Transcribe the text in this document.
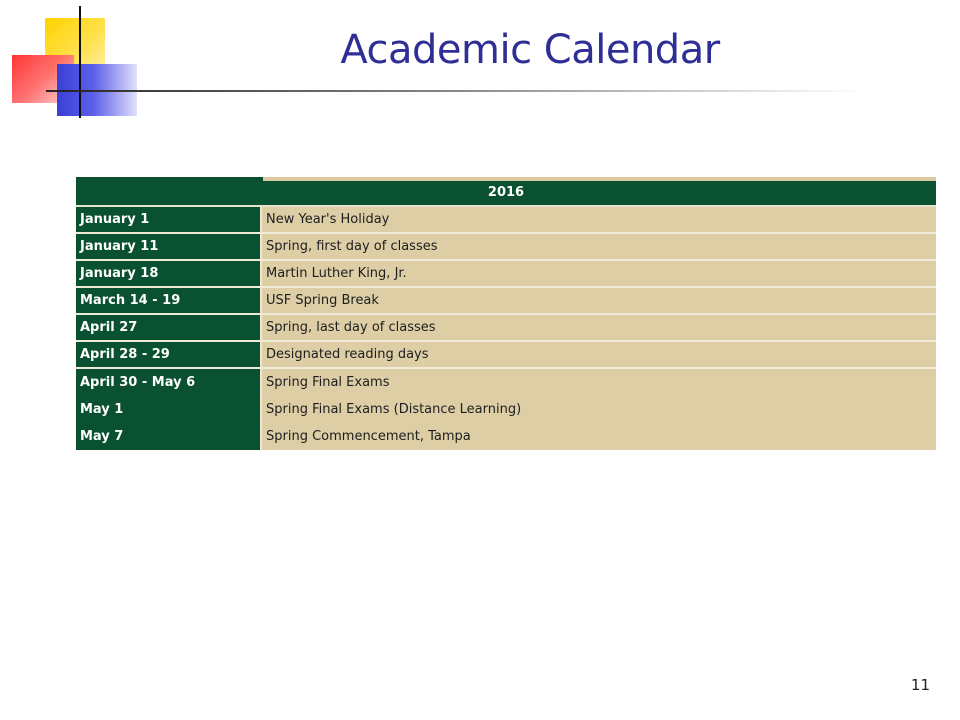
Academic Calendar
2016
January 1	New Year's Holiday
January 11	Spring, first day of classes
January 18	Martin Luther King, Jr.
March 14 - 19	USF Spring Break
April 27	Spring, last day of classes
April 28 - 29	Designated reading days
April 30 - May 6	Spring Final Exams
May 1	Spring Final Exams (Distance Learning)
May 7	Spring Commencement, Tampa
11
